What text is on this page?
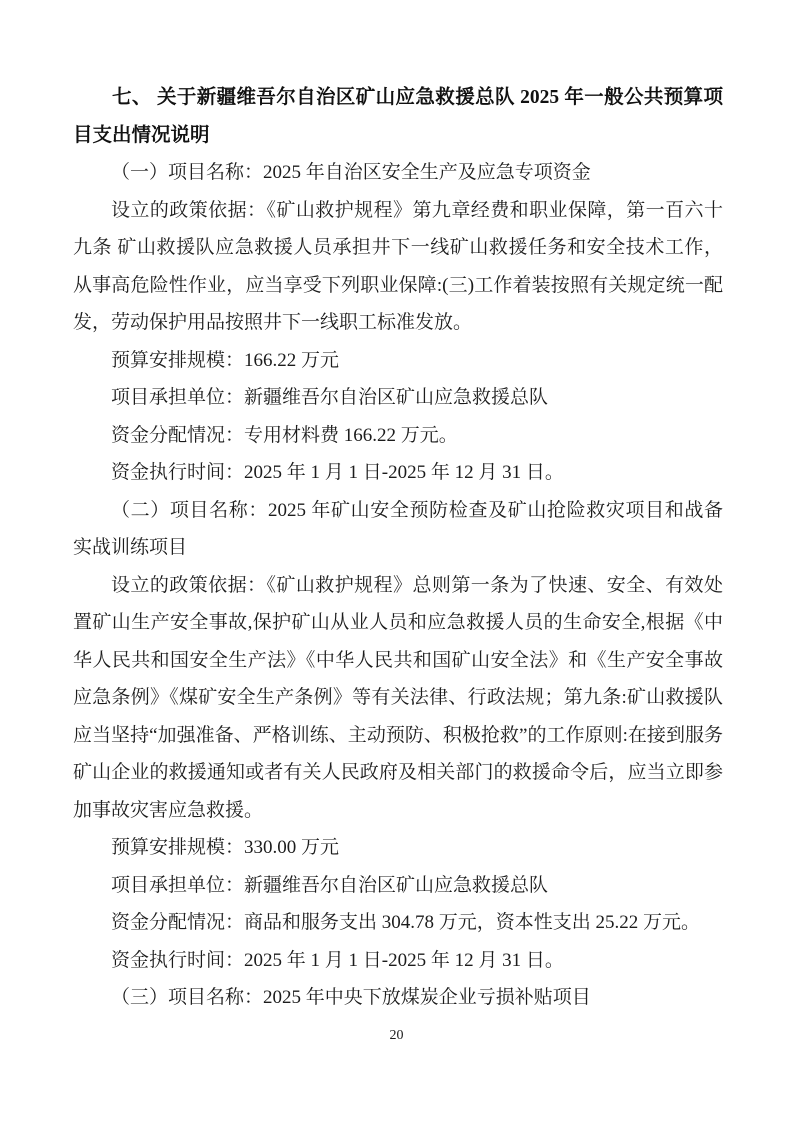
七、 关于新疆维吾尔自治区矿山应急救援总队 2025 年一般公共预算项目支出情况说明

（一）项目名称：2025 年自治区安全生产及应急专项资金

设立的政策依据：《矿山救护规程》第九章经费和职业保障，第一百六十九条 矿山救援队应急救援人员承担井下一线矿山救援任务和安全技术工作，从事高危险性作业，应当享受下列职业保障:(三)工作着装按照有关规定统一配发，劳动保护用品按照井下一线职工标准发放。

预算安排规模：166.22 万元

项目承担单位：新疆维吾尔自治区矿山应急救援总队

资金分配情况：专用材料费 166.22 万元。

资金执行时间：2025 年 1 月 1 日-2025 年 12 月 31 日。

（二）项目名称：2025 年矿山安全预防检查及矿山抢险救灾项目和战备实战训练项目

设立的政策依据：《矿山救护规程》总则第一条为了快速、安全、有效处置矿山生产安全事故,保护矿山从业人员和应急救援人员的生命安全,根据《中华人民共和国安全生产法》《中华人民共和国矿山安全法》和《生产安全事故应急条例》《煤矿安全生产条例》等有关法律、行政法规；第九条:矿山救援队应当坚持“加强准备、严格训练、主动预防、积极抢救”的工作原则:在接到服务矿山企业的救援通知或者有关人民政府及相关部门的救援命令后，应当立即参加事故灾害应急救援。

预算安排规模：330.00 万元

项目承担单位：新疆维吾尔自治区矿山应急救援总队

资金分配情况：商品和服务支出 304.78 万元，资本性支出 25.22 万元。

资金执行时间：2025 年 1 月 1 日-2025 年 12 月 31 日。

（三）项目名称：2025 年中央下放煤炭企业亏损补贴项目

20
